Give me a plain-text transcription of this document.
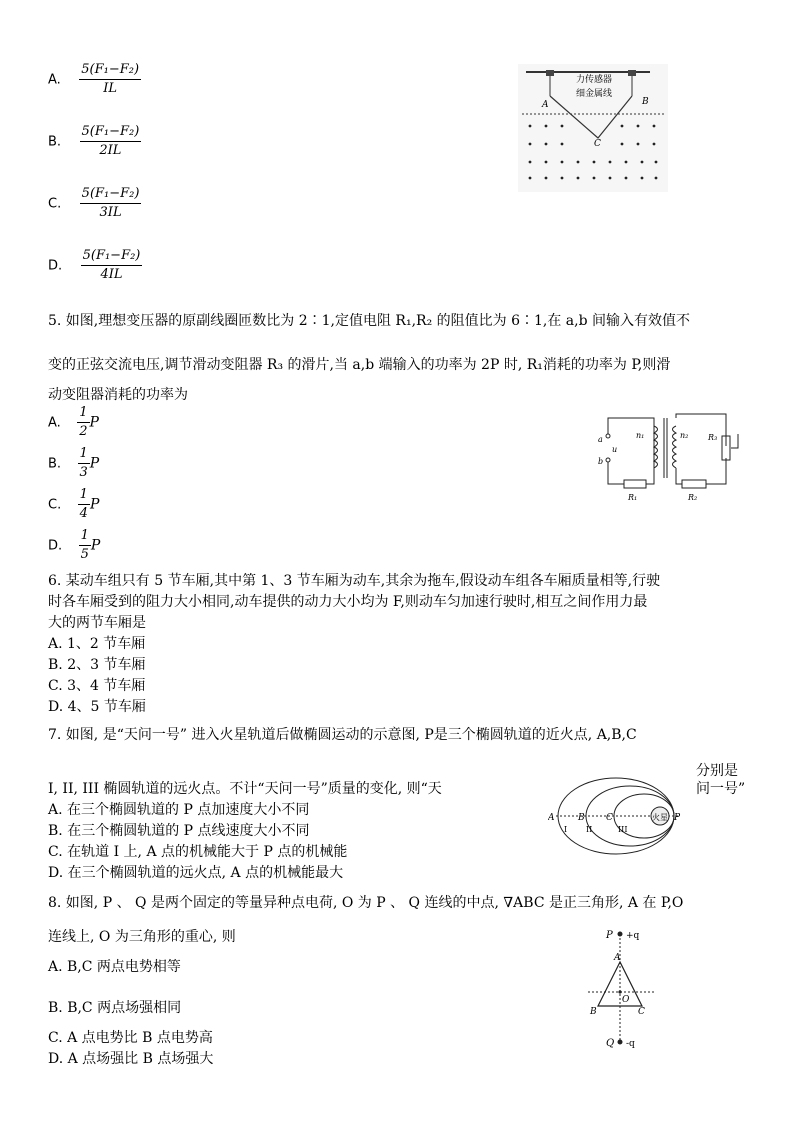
A. $\frac{\text{5(F₁−F₂)}}{IL}$
B. $\frac{\text{5(F₁−F₂)}}{2IL}$
C. $\frac{\text{5(F₁−F₂)}}{3IL}$
D. $\frac{\text{5(F₁−F₂)}}{4IL}$
力传感器
细金属线
A	B
C
5. 如图,理想变压器的原副线圈匝数比为 2∶1,定值电阻 R₁,R₂ 的阻值比为 6∶1,在 a,b 间输入有效值不
变的正弦交流电压,调节滑动变阻器 R₃ 的滑片,当 a,b 端输入的功率为 2P 时, R₁消耗的功率为 P,则滑
动变阻器消耗的功率为
A. $\frac{1}{2}$ P
B. $\frac{1}{3}$ P
C. $\frac{1}{4}$ P
D. $\frac{1}{5}$ P
a
b
u
n₁	n₂ R₃
R₁	R₂
6. 某动车组只有 5 节车厢,其中第 1、3 节车厢为动车,其余为拖车,假设动车组各车厢质量相等,行驶
时各车厢受到的阻力大小相同,动车提供的动力大小均为 F,则动车匀加速行驶时,相互之间作用力最
大的两节车厢是
A. 1、2 节车厢
B. 2、3 节车厢
C. 3、4 节车厢
D. 4、5 节车厢
7. 如图, 是“天问一号” 进入火星轨道后做椭圆运动的示意图, P是三个椭圆轨道的近火点, A,B,C
分别是
I, II, III 椭圆轨道的远火点。不计“天问一号”质量的变化, 则“天	问一号”
A. 在三个椭圆轨道的 P 点加速度大小不同
B. 在三个椭圆轨道的 P 点线速度大小不同
C. 在轨道 I 上, A 点的机械能大于 P 点的机械能
D. 在三个椭圆轨道的远火点, A 点的机械能最大
火星
A	B C	P
I II	III
8. 如图, P 、 Q 是两个固定的等量异种点电荷, O 为 P 、 Q 连线的中点, ∇ABC 是正三角形, A 在 P,O
连线上, O 为三角形的重心, 则
A. B,C 两点电势相等
B. B,C 两点场强相同
C. A 点电势比 B 点电势高
D. A 点场强比 B 点场强大
P +q
Q -q
A
B	C
O
